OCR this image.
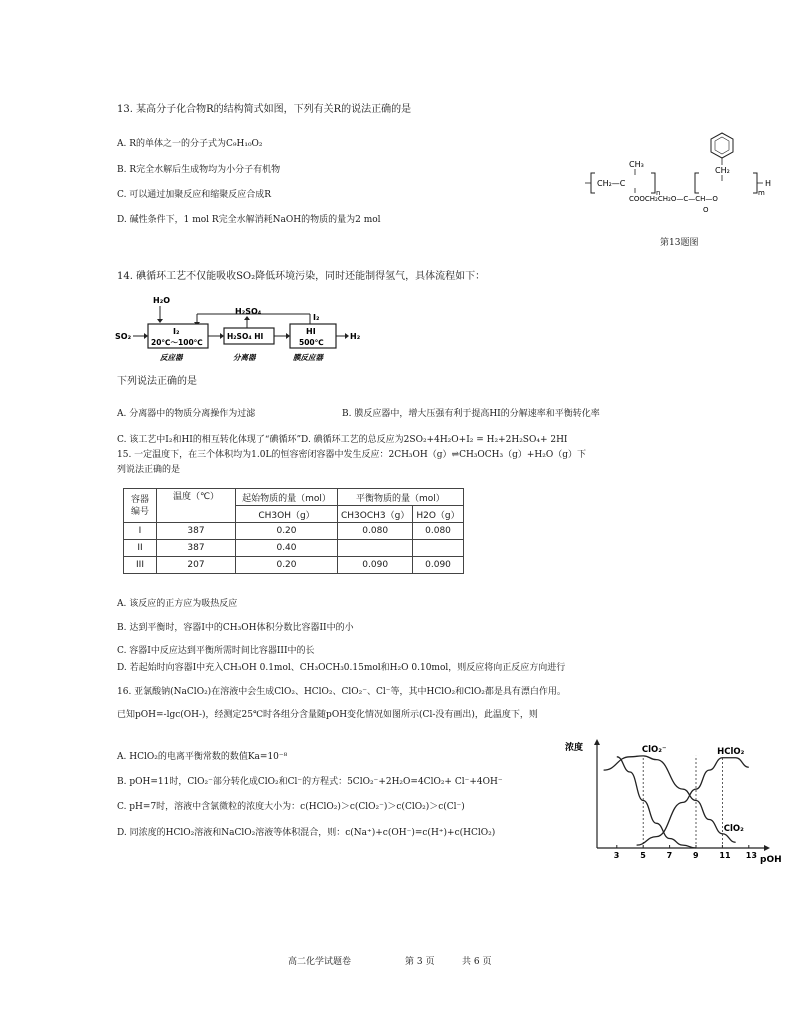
13. 某高分子化合物R的结构简式如图，下列有关R的说法正确的是
A. R的单体之一的分子式为C₉H₁₀O₂
B. R完全水解后生成物均为小分子有机物
C. 可以通过加聚反应和缩聚反应合成R
D. 碱性条件下，1 mol R完全水解消耗NaOH的物质的量为2 mol
CH₂
CH₃
CH₂—C
n
COOCH₂CH₂O—C—CH—O
O
m
H
第13题图
14. 碘循环工艺不仅能吸收SO₂降低环境污染，同时还能制得氢气，具体流程如下：
H₂O
H₂SO₄
I₂
SO₂
I₂
20℃～100℃
H₂SO₄ HI
HI
500℃
H₂
反应器	分离器	膜反应器
下列说法正确的是
A. 分离器中的物质分离操作为过滤	B. 膜反应器中，增大压强有利于提高HI的分解速率和平衡转化率
C. 该工艺中I₂和HI的相互转化体现了“碘循环”D. 碘循环工艺的总反应为2SO₂+4H₂O+I₂ = H₂+2H₂SO₄+ 2HI
15. 一定温度下，在三个体积均为1.0L的恒容密闭容器中发生反应：2CH₃OH（g）⇌CH₃OCH₃（g）+H₂O（g）下
列说法正确的是
容器
编号	温度（℃）	起始物质的量（mol）	平衡物质的量（mol）	
		CH3OH（g）	CH3OCH3（g）	H2O（g）
I	387	0.20	0.080	0.080
II	387	0.40		
III	207	0.20	0.090	0.090
A. 该反应的正方应为吸热反应
B. 达到平衡时，容器I中的CH₃OH体积分数比容器II中的小
C. 容器I中反应达到平衡所需时间比容器III中的长
D. 若起始时向容器I中充入CH₃OH 0.1mol、CH₃OCH₃0.15mol和H₂O 0.10mol，则反应将向正反应方向进行
16. 亚氯酸钠(NaClO₂)在溶液中会生成ClO₂、HClO₂、ClO₂⁻、Cl⁻等，其中HClO₂和ClO₂都是具有漂白作用。
已知pOH=-lgc(OH-)，经测定25℃时各组分含量随pOH变化情况如图所示(Cl-没有画出)，此温度下，则
A. HClO₂的电离平衡常数的数值Ka=10⁻⁸
B. pOH=11时，ClO₂⁻部分转化成ClO₂和Cl⁻的方程式：5ClO₂⁻+2H₂O=4ClO₂+ Cl⁻+4OH⁻
C. pH=7时，溶液中含氯微粒的浓度大小为：c(HClO₂)＞c(ClO₂⁻)＞c(ClO₂)＞c(Cl⁻)
D. 同浓度的HClO₂溶液和NaClO₂溶液等体积混合，则：c(Na⁺)+c(OH⁻)=c(H⁺)+c(HClO₂)
浓度
pOH
3	5	7	9	11 13
ClO₂⁻	HClO₂
ClO₂
高二化学试题卷	第 3 页	共 6 页
